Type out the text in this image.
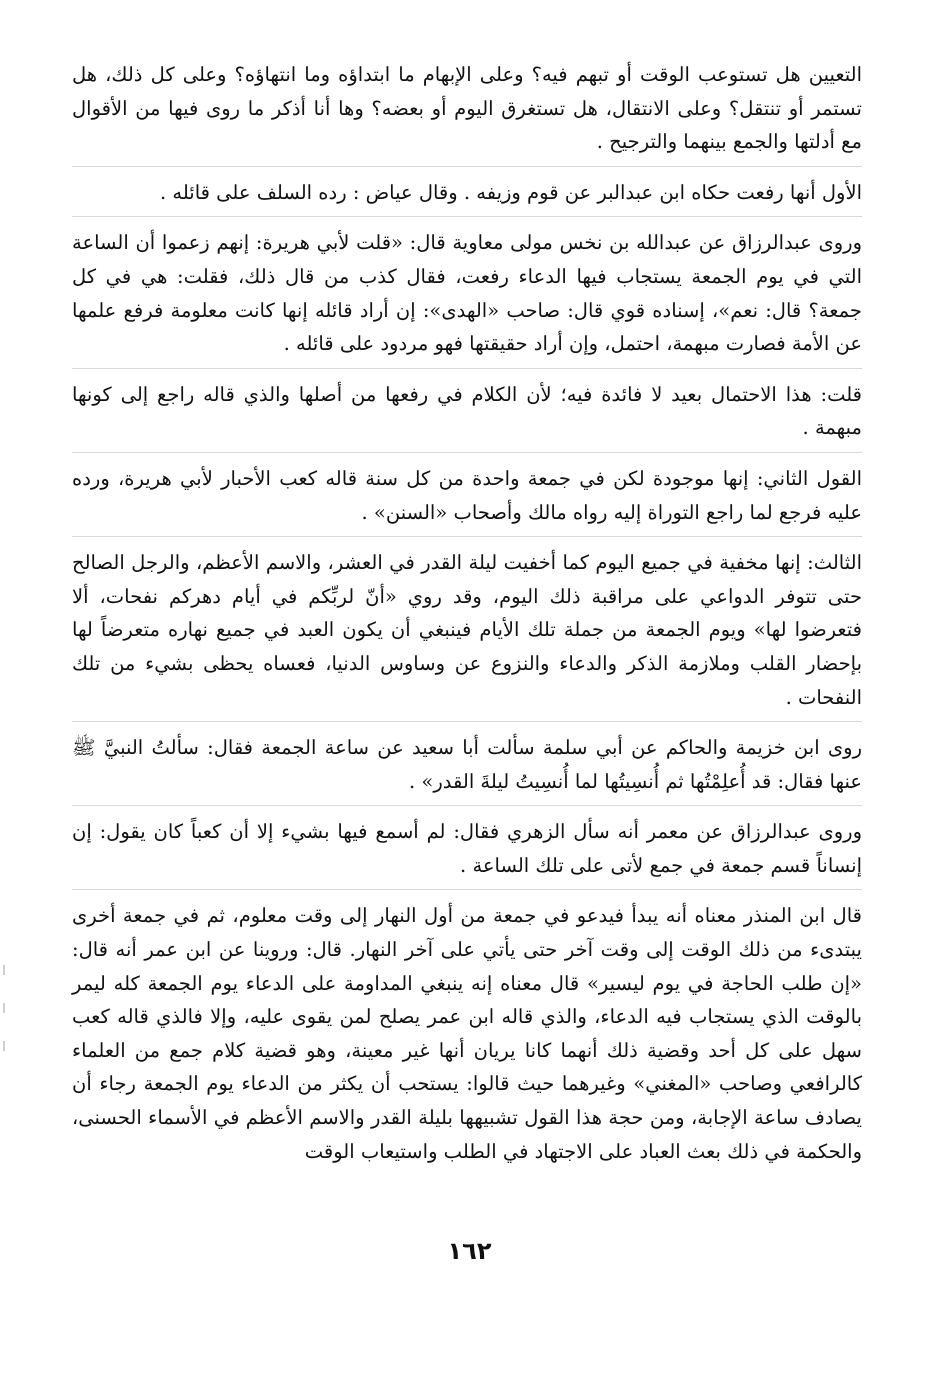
التعيين هل تستوعب الوقت أو تبهم فيه؟ وعلى الإبهام ما ابتداؤه وما انتهاؤه؟ وعلى كل ذلك، هل تستمر أو تنتقل؟ وعلى الانتقال، هل تستغرق اليوم أو بعضه؟ وها أنا أذكر ما روى فيها من الأقوال مع أدلتها والجمع بينهما والترجيح .

الأول أنها رفعت حكاه ابن عبدالبر عن قوم وزيفه . وقال عياض : رده السلف على قائله .

وروى عبدالرزاق عن عبدالله بن نخس مولى معاوية قال: «قلت لأبي هريرة: إنهم زعموا أن الساعة التي في يوم الجمعة يستجاب فيها الدعاء رفعت، فقال كذب من قال ذلك، فقلت: هي في كل جمعة؟ قال: نعم»، إسناده قوي قال: صاحب «الهدى»: إن أراد قائله إنها كانت معلومة فرفع علمها عن الأمة فصارت مبهمة، احتمل، وإن أراد حقيقتها فهو مردود على قائله .

قلت: هذا الاحتمال بعيد لا فائدة فيه؛ لأن الكلام في رفعها من أصلها والذي قاله راجع إلى كونها مبهمة .

القول الثاني: إنها موجودة لكن في جمعة واحدة من كل سنة قاله كعب الأحبار لأبي هريرة، ورده عليه فرجع لما راجع التوراة إليه رواه مالك وأصحاب «السنن» .

الثالث: إنها مخفية في جميع اليوم كما أخفيت ليلة القدر في العشر، والاسم الأعظم، والرجل الصالح حتى تتوفر الدواعي على مراقبة ذلك اليوم، وقد روي «أنّ لربِّكم في أيام دهركم نفحات، ألا فتعرضوا لها» ويوم الجمعة من جملة تلك الأيام فينبغي أن يكون العبد في جميع نهاره متعرضاً لها بإحضار القلب وملازمة الذكر والدعاء والنزوع عن وساوس الدنيا، فعساه يحظى بشيء من تلك النفحات .

روى ابن خزيمة والحاكم عن أبي سلمة سألت أبا سعيد عن ساعة الجمعة فقال: سألتُ النبيَّ ﷺ عنها فقال: قد أُعلِمْتُها ثم أُنسِيتُها لما أُنسِيتُ ليلةَ القدر» .

وروى عبدالرزاق عن معمر أنه سأل الزهري فقال: لم أسمع فيها بشيء إلا أن كعباً كان يقول: إن إنساناً قسم جمعة في جمع لأتى على تلك الساعة .

قال ابن المنذر معناه أنه يبدأ فيدعو في جمعة من أول النهار إلى وقت معلوم، ثم في جمعة أخرى يبتدىء من ذلك الوقت إلى وقت آخر حتى يأتي على آخر النهار. قال: وروينا عن ابن عمر أنه قال: «إن طلب الحاجة في يوم ليسير» قال معناه إنه ينبغي المداومة على الدعاء يوم الجمعة كله ليمر بالوقت الذي يستجاب فيه الدعاء، والذي قاله ابن عمر يصلح لمن يقوى عليه، وإلا فالذي قاله كعب سهل على كل أحد وقضية ذلك أنهما كانا يريان أنها غير معينة، وهو قضية كلام جمع من العلماء كالرافعي وصاحب «المغني» وغيرهما حيث قالوا: يستحب أن يكثر من الدعاء يوم الجمعة رجاء أن يصادف ساعة الإجابة، ومن حجة هذا القول تشبيهها بليلة القدر والاسم الأعظم في الأسماء الحسنى، والحكمة في ذلك بعث العباد على الاجتهاد في الطلب واستيعاب الوقت

١٦٢
